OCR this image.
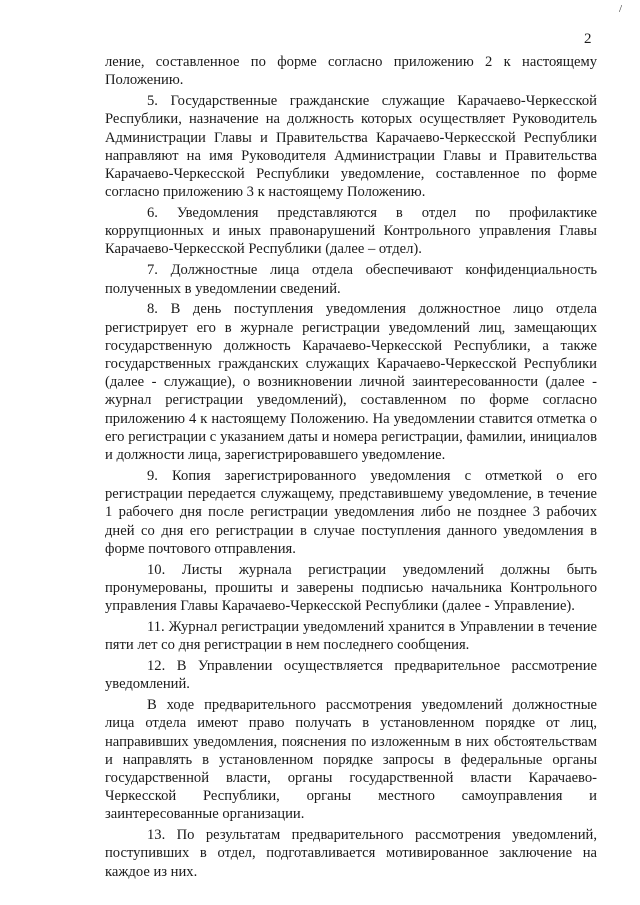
/
2

ление, составленное по форме согласно приложению 2 к настоящему Положению.

5. Государственные гражданские служащие Карачаево-Черкесской Республики, назначение на должность которых осуществляет Руководитель Администрации Главы и Правительства Карачаево-Черкесской Республики направляют на имя Руководителя Администрации Главы и Правительства Карачаево-Черкесской Республики уведомление, составленное по форме согласно приложению 3 к настоящему Положению.

6. Уведомления представляются в отдел по профилактике коррупционных и иных правонарушений Контрольного управления Главы Карачаево-Черкесской Республики (далее – отдел).

7. Должностные лица отдела обеспечивают конфиденциальность полученных в уведомлении сведений.

8. В день поступления уведомления должностное лицо отдела регистрирует его в журнале регистрации уведомлений лиц, замещающих государственную должность Карачаево-Черкесской Республики, а также государственных гражданских служащих Карачаево-Черкесской Республики (далее - служащие), о возникновении личной заинтересованности (далее - журнал регистрации уведомлений), составленном по форме согласно приложению 4 к настоящему Положению. На уведомлении ставится отметка о его регистрации с указанием даты и номера регистрации, фамилии, инициалов и должности лица, зарегистрировавшего уведомление.

9. Копия зарегистрированного уведомления с отметкой о его регистрации передается служащему, представившему уведомление, в течение 1 рабочего дня после регистрации уведомления либо не позднее 3 рабочих дней со дня его регистрации в случае поступления данного уведомления в форме почтового отправления.

10. Листы журнала регистрации уведомлений должны быть пронумерованы, прошиты и заверены подписью начальника Контрольного управления Главы Карачаево-Черкесской Республики (далее - Управление).

11. Журнал регистрации уведомлений хранится в Управлении в течение пяти лет со дня регистрации в нем последнего сообщения.

12. В Управлении осуществляется предварительное рассмотрение уведомлений.

В ходе предварительного рассмотрения уведомлений должностные лица отдела имеют право получать в установленном порядке от лиц, направивших уведомления, пояснения по изложенным в них обстоятельствам и направлять в установленном порядке запросы в федеральные органы государственной власти, органы государственной власти Карачаево-Черкесской Республики, органы местного самоуправления и заинтересованные организации.

13. По результатам предварительного рассмотрения уведомлений, поступивших в отдел, подготавливается мотивированное заключение на каждое из них.
